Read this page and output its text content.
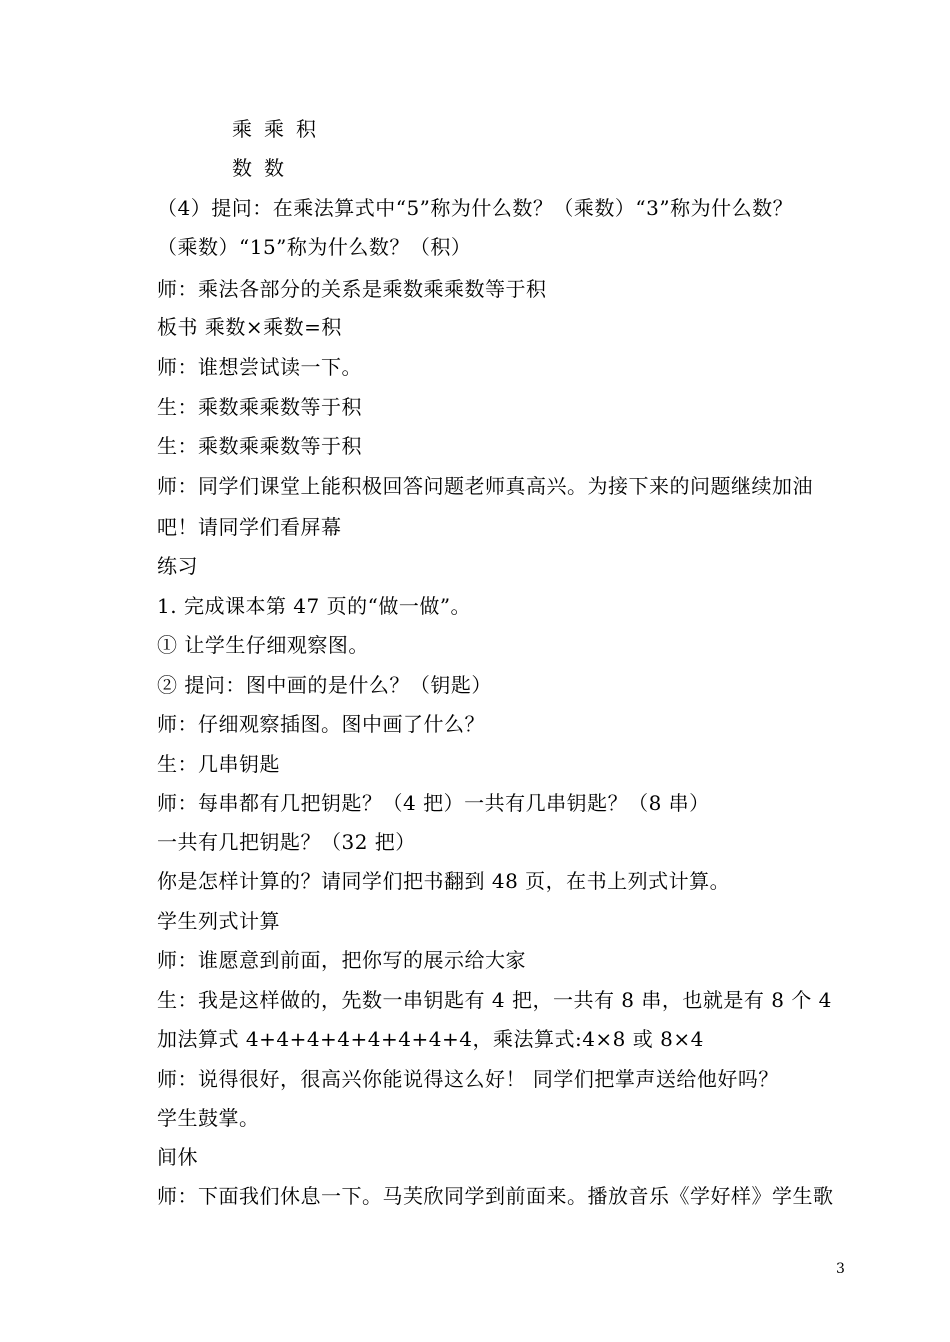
乘 乘 积
数 数
（4）提问：在乘法算式中“5”称为什么数？（乘数）“3”称为什么数？
（乘数）“15”称为什么数？（积）
师：乘法各部分的关系是乘数乘乘数等于积
板书 乘数×乘数=积
师：谁想尝试读一下。
生：乘数乘乘数等于积
生：乘数乘乘数等于积
师：同学们课堂上能积极回答问题老师真高兴。为接下来的问题继续加油
吧！请同学们看屏幕
练习
1. 完成课本第 47 页的“做一做”。
① 让学生仔细观察图。
② 提问：图中画的是什么？（钥匙）
师：仔细观察插图。图中画了什么？
生：几串钥匙
师：每串都有几把钥匙？（4 把）一共有几串钥匙？（8 串）
一共有几把钥匙？（32 把）
你是怎样计算的？请同学们把书翻到 48 页，在书上列式计算。
学生列式计算
师：谁愿意到前面，把你写的展示给大家
生：我是这样做的，先数一串钥匙有 4 把，一共有 8 串，也就是有 8 个 4
加法算式 4+4+4+4+4+4+4+4，乘法算式:4×8 或 8×4
师：说得很好，很高兴你能说得这么好！ 同学们把掌声送给他好吗？
学生鼓掌。
间休
师：下面我们休息一下。马芙欣同学到前面来。播放音乐《学好样》学生歌
3
